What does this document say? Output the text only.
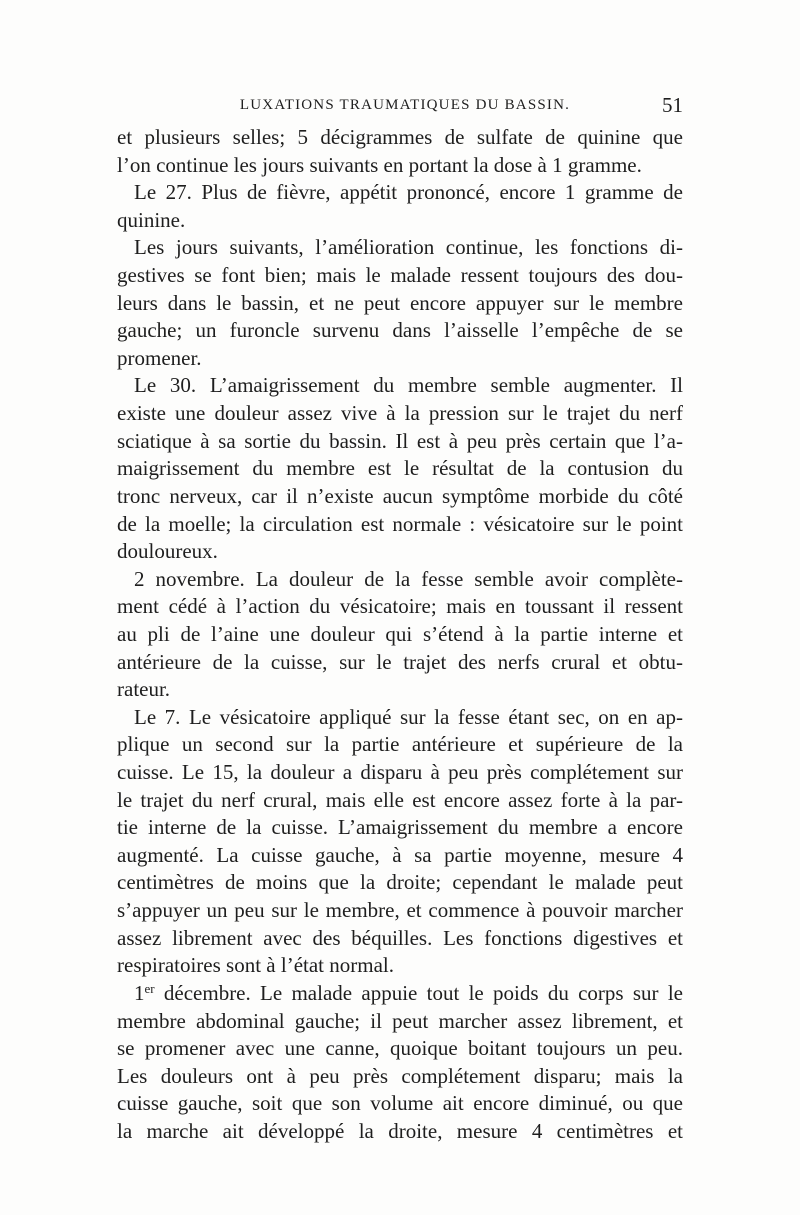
LUXATIONS TRAUMATIQUES DU BASSIN.	51
et plusieurs selles; 5 décigrammes de sulfate de quinine que
l’on continue les jours suivants en portant la dose à 1 gramme.
Le 27. Plus de fièvre, appétit prononcé, encore 1 gramme de
quinine.
Les jours suivants, l’amélioration continue, les fonctions di-
gestives se font bien; mais le malade ressent toujours des dou-
leurs dans le bassin, et ne peut encore appuyer sur le membre
gauche; un furoncle survenu dans l’aisselle l’empêche de se
promener.
Le 30. L’amaigrissement du membre semble augmenter. Il
existe une douleur assez vive à la pression sur le trajet du nerf
sciatique à sa sortie du bassin. Il est à peu près certain que l’a-
maigrissement du membre est le résultat de la contusion du
tronc nerveux, car il n’existe aucun symptôme morbide du côté
de la moelle; la circulation est normale : vésicatoire sur le point
douloureux.
2 novembre. La douleur de la fesse semble avoir complète-
ment cédé à l’action du vésicatoire; mais en toussant il ressent
au pli de l’aine une douleur qui s’étend à la partie interne et
antérieure de la cuisse, sur le trajet des nerfs crural et obtu-
rateur.
Le 7. Le vésicatoire appliqué sur la fesse étant sec, on en ap-
plique un second sur la partie antérieure et supérieure de la
cuisse. Le 15, la douleur a disparu à peu près complétement sur
le trajet du nerf crural, mais elle est encore assez forte à la par-
tie interne de la cuisse. L’amaigrissement du membre a encore
augmenté. La cuisse gauche, à sa partie moyenne, mesure 4
centimètres de moins que la droite; cependant le malade peut
s’appuyer un peu sur le membre, et commence à pouvoir marcher
assez librement avec des béquilles. Les fonctions digestives et
respiratoires sont à l’état normal.
1er décembre. Le malade appuie tout le poids du corps sur le
membre abdominal gauche; il peut marcher assez librement, et
se promener avec une canne, quoique boitant toujours un peu.
Les douleurs ont à peu près complétement disparu; mais la
cuisse gauche, soit que son volume ait encore diminué, ou que
la marche ait développé la droite, mesure 4 centimètres et
